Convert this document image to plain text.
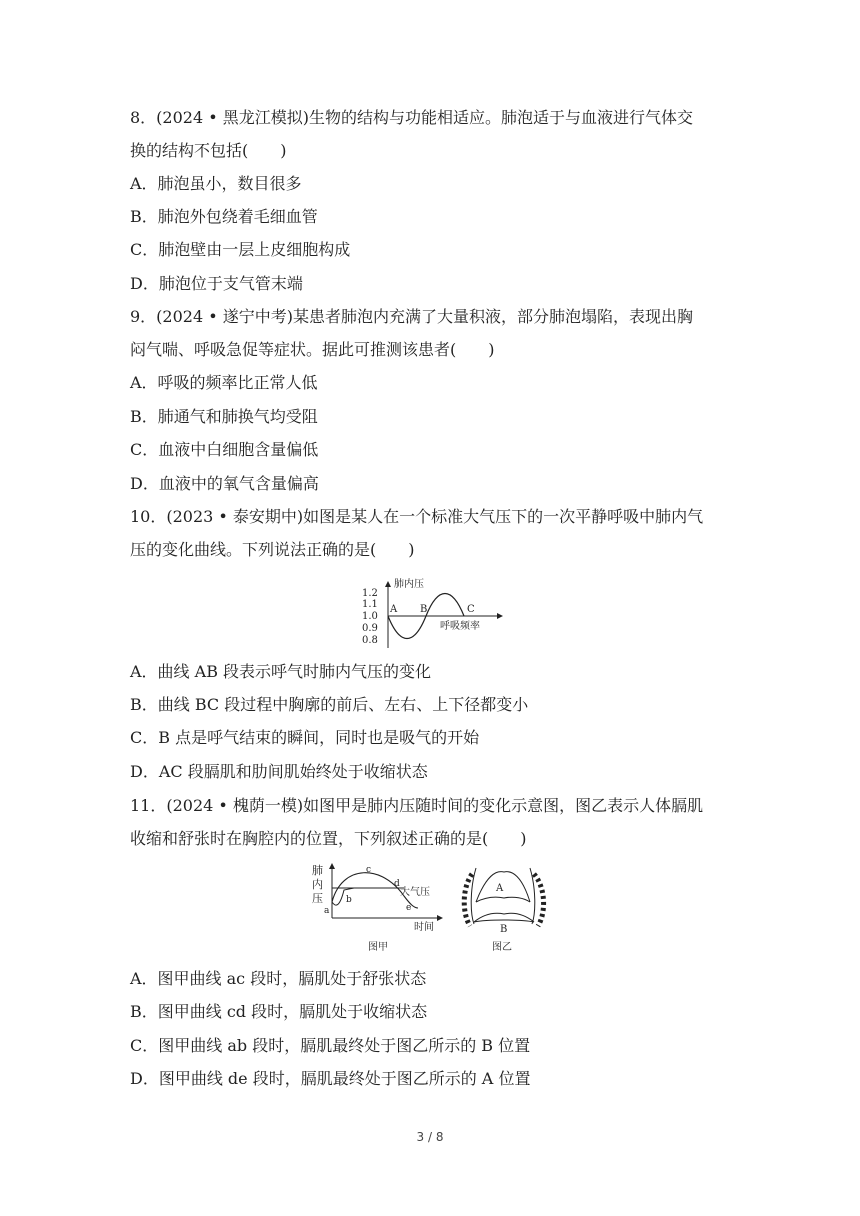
8．(2024 • 黑龙江模拟)生物的结构与功能相适应。肺泡适于与血液进行气体交
换的结构不包括(　　)
A．肺泡虽小，数目很多
B．肺泡外包绕着毛细血管
C．肺泡壁由一层上皮细胞构成
D．肺泡位于支气管末端
9．(2024 • 遂宁中考)某患者肺泡内充满了大量积液，部分肺泡塌陷，表现出胸
闷气喘、呼吸急促等症状。据此可推测该患者(　　)
A．呼吸的频率比正常人低
B．肺通气和肺换气均受阻
C．血液中白细胞含量偏低
D．血液中的氧气含量偏高
10．(2023 • 泰安期中)如图是某人在一个标准大气压下的一次平静呼吸中肺内气
压的变化曲线。下列说法正确的是(　　)
肺内压
1.2
1.1
1.0
0.9
0.8
A B	C
呼吸频率
A．曲线 AB 段表示呼气时肺内气压的变化
B．曲线 BC 段过程中胸廓的前后、左右、上下径都变小
C．B 点是呼气结束的瞬间，同时也是吸气的开始
D．AC 段膈肌和肋间肌始终处于收缩状态
11．(2024 • 槐荫一模)如图甲是肺内压随时间的变化示意图，图乙表示人体膈肌
收缩和舒张时在胸腔内的位置，下列叙述正确的是(　　)
肺
内
压
a
b
c
d
e
大气压
时间
图甲
A
B
图乙
A．图甲曲线 ac 段时，膈肌处于舒张状态
B．图甲曲线 cd 段时，膈肌处于收缩状态
C．图甲曲线 ab 段时，膈肌最终处于图乙所示的 B 位置
D．图甲曲线 de 段时，膈肌最终处于图乙所示的 A 位置
3 / 8
